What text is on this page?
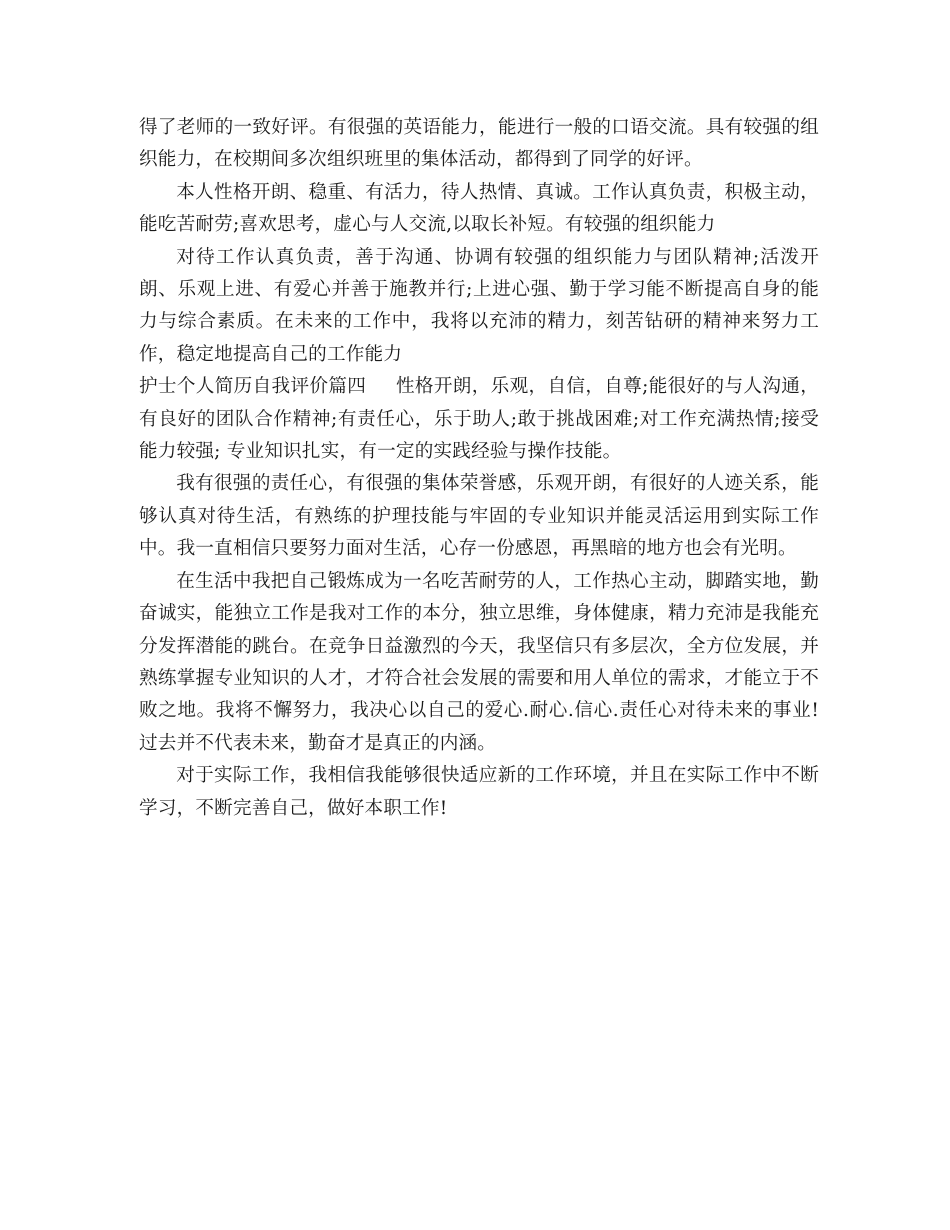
得了老师的一致好评。有很强的英语能力，能进行一般的口语交流。具有较强的组织能力，在校期间多次组织班里的集体活动，都得到了同学的好评。

本人性格开朗、稳重、有活力，待人热情、真诚。工作认真负责，积极主动，能吃苦耐劳;喜欢思考，虚心与人交流,以取长补短。有较强的组织能力

对待工作认真负责，善于沟通、协调有较强的组织能力与团队精神;活泼开朗、乐观上进、有爱心并善于施教并行;上进心强、勤于学习能不断提高自身的能力与综合素质。在未来的工作中，我将以充沛的精力，刻苦钻研的精神来努力工作，稳定地提高自己的工作能力

护士个人简历自我评价篇四 性格开朗，乐观，自信，自尊;能很好的与人沟通，有良好的团队合作精神;有责任心，乐于助人;敢于挑战困难;对工作充满热情;接受能力较强; 专业知识扎实，有一定的实践经验与操作技能。

我有很强的责任心，有很强的集体荣誉感，乐观开朗，有很好的人迹关系，能够认真对待生活，有熟练的护理技能与牢固的专业知识并能灵活运用到实际工作中。我一直相信只要努力面对生活，心存一份感恩，再黑暗的地方也会有光明。

在生活中我把自己锻炼成为一名吃苦耐劳的人，工作热心主动，脚踏实地，勤奋诚实，能独立工作是我对工作的本分，独立思维，身体健康，精力充沛是我能充分发挥潜能的跳台。在竞争日益激烈的今天，我坚信只有多层次，全方位发展，并熟练掌握专业知识的人才，才符合社会发展的需要和用人单位的需求，才能立于不败之地。我将不懈努力，我决心以自己的爱心.耐心.信心.责任心对待未来的事业!过去并不代表未来，勤奋才是真正的内涵。

对于实际工作，我相信我能够很快适应新的工作环境，并且在实际工作中不断学习，不断完善自己，做好本职工作!
